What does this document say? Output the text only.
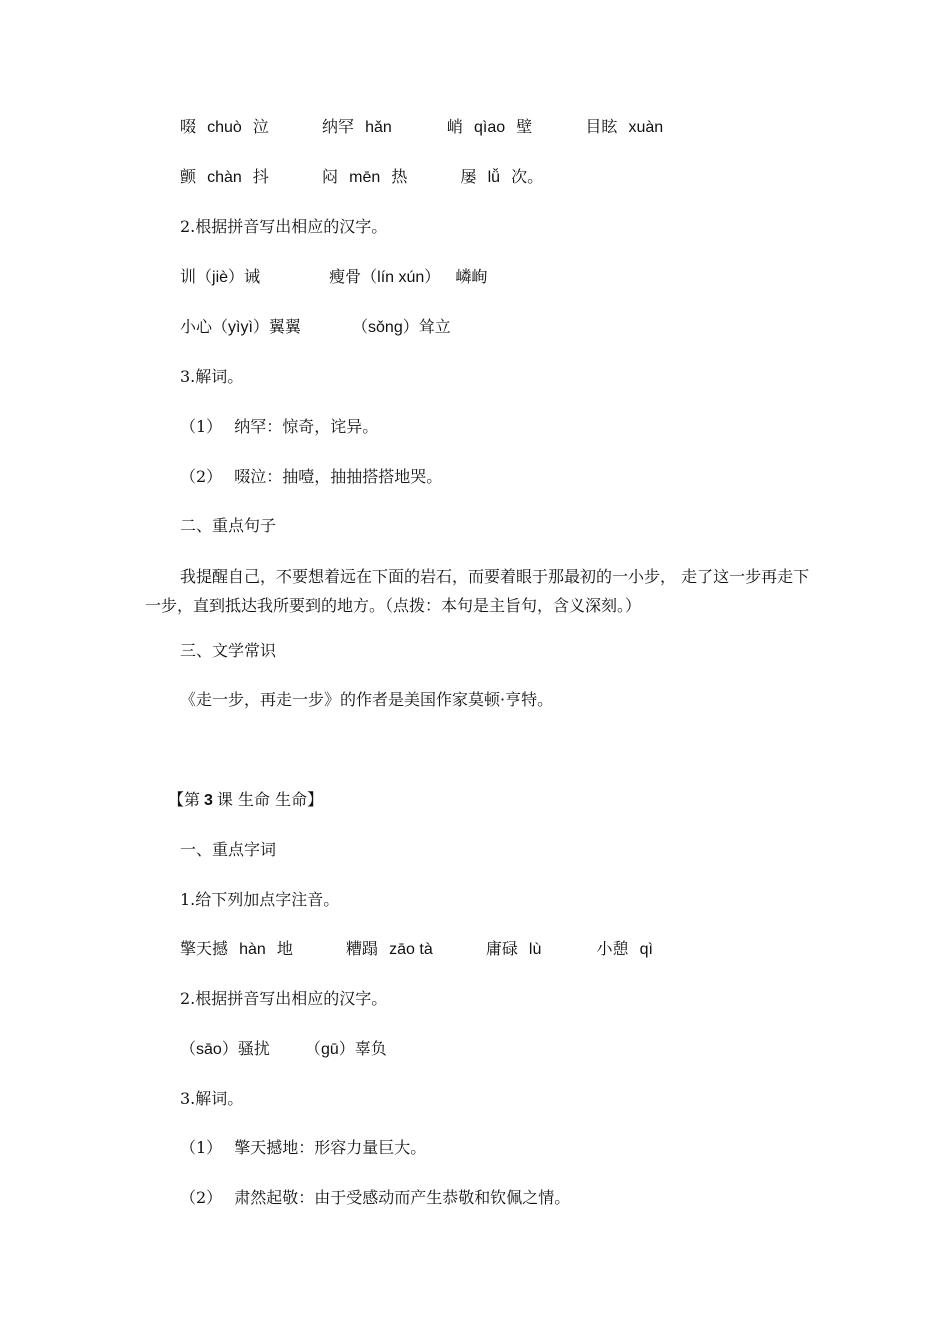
啜 chuò 泣	纳罕 hǎn	峭 qìao 壁	目眩 xuàn
颤 chàn 抖	闷 mēn 热	屡 lǚ 次。
2.根据拼音写出相应的汉字。
训（jiè）诫	瘦骨（lín xún） 嶙峋
小心（yìyì）翼翼	（sǒng）耸立
3.解词。
（1） 纳罕：惊奇，诧异。
（2） 啜泣：抽噎，抽抽搭搭地哭。
二、重点句子
我提醒自己，不要想着远在下面的岩石，而要着眼于那最初的一小步， 走了这一步再走下一步，直到抵达我所要到的地方。（点拨：本句是主旨句，含义深刻。）
三、文学常识
《走一步，再走一步》的作者是美国作家莫顿·亨特。
【第 3 课 生命 生命】
一、重点字词
1.给下列加点字注音。
擎天撼 hàn 地	糟蹋 zāo tà	庸碌 lù	小憩 qì
2.根据拼音写出相应的汉字。
（sāo）骚扰 （gū）辜负
3.解词。
（1） 擎天撼地：形容力量巨大。
（2） 肃然起敬：由于受感动而产生恭敬和钦佩之情。
